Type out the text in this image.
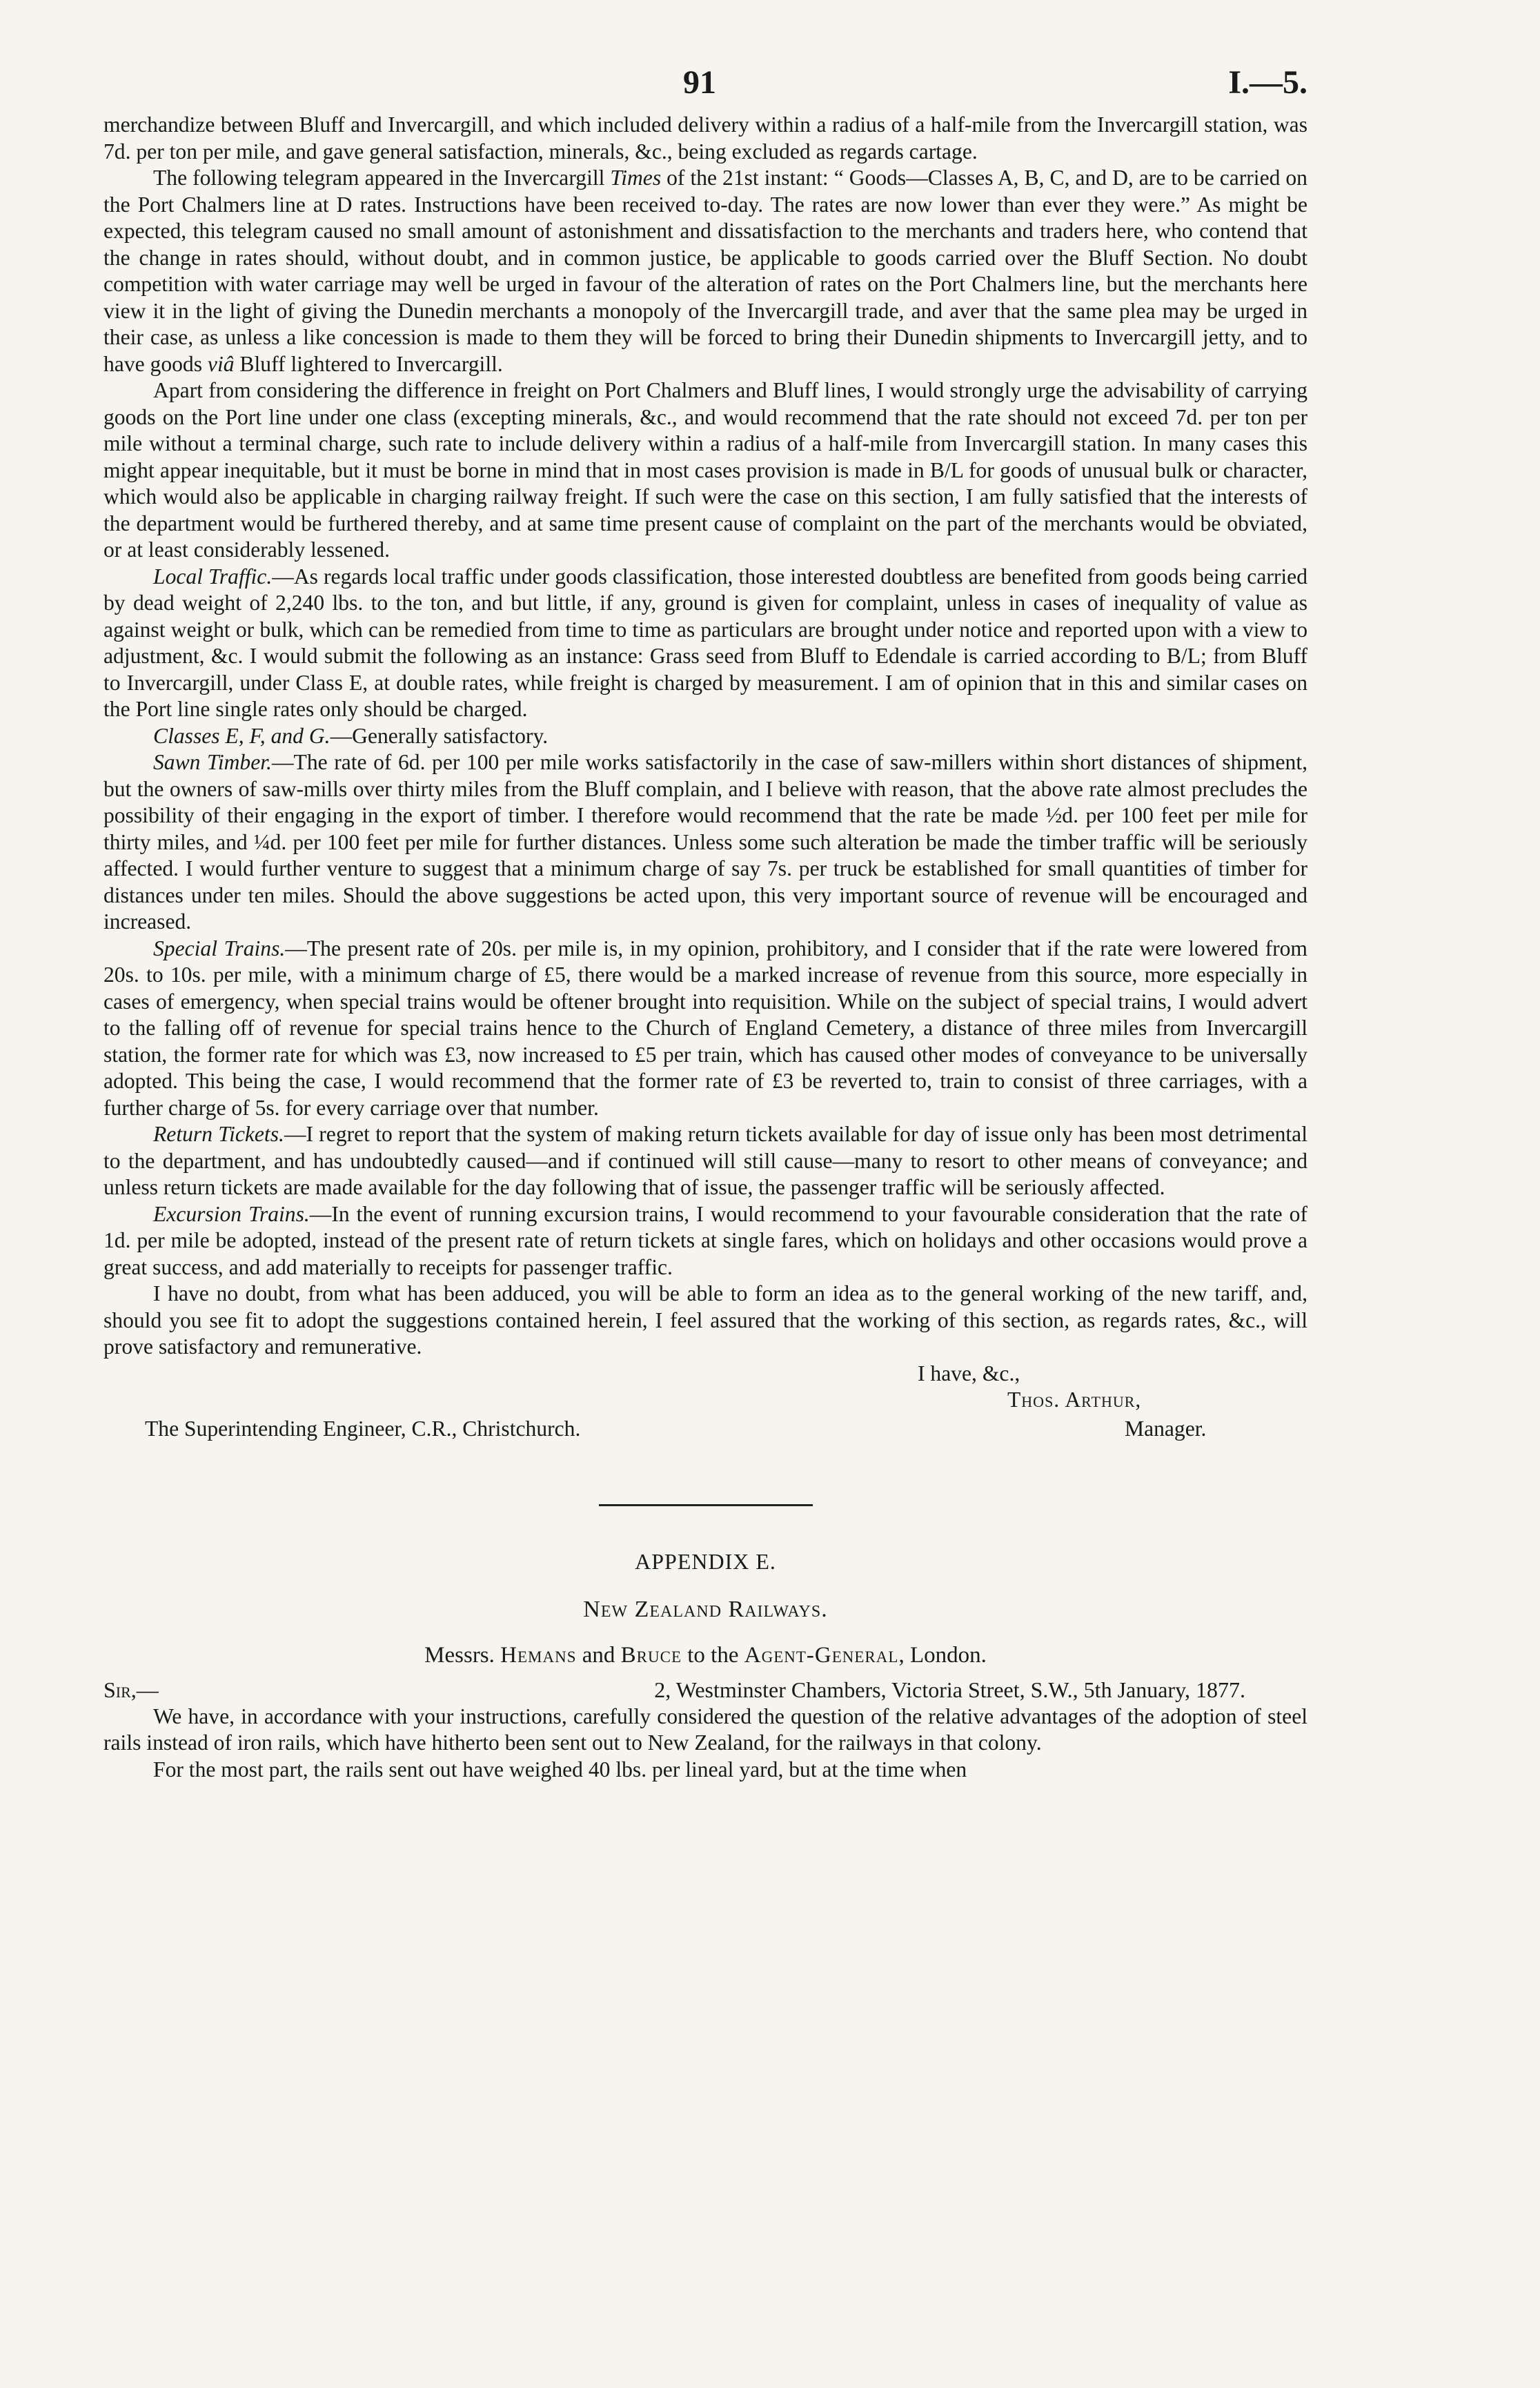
91	I.—5.

merchandize between Bluff and Invercargill, and which included delivery within a radius of a half-mile from the Invercargill station, was 7d. per ton per mile, and gave general satisfaction, minerals, &c., being excluded as regards cartage.

The following telegram appeared in the Invercargill Times of the 21st instant: “ Goods—Classes A, B, C, and D, are to be carried on the Port Chalmers line at D rates. Instructions have been received to-day. The rates are now lower than ever they were.” As might be expected, this telegram caused no small amount of astonishment and dissatisfaction to the merchants and traders here, who contend that the change in rates should, without doubt, and in common justice, be applicable to goods carried over the Bluff Section. No doubt competition with water carriage may well be urged in favour of the alteration of rates on the Port Chalmers line, but the merchants here view it in the light of giving the Dunedin merchants a monopoly of the Invercargill trade, and aver that the same plea may be urged in their case, as unless a like concession is made to them they will be forced to bring their Dunedin shipments to Invercargill jetty, and to have goods viâ Bluff lightered to Invercargill.

Apart from considering the difference in freight on Port Chalmers and Bluff lines, I would strongly urge the advisability of carrying goods on the Port line under one class (excepting minerals, &c., and would recommend that the rate should not exceed 7d. per ton per mile without a terminal charge, such rate to include delivery within a radius of a half-mile from Invercargill station. In many cases this might appear inequitable, but it must be borne in mind that in most cases provision is made in B/L for goods of unusual bulk or character, which would also be applicable in charging railway freight. If such were the case on this section, I am fully satisfied that the interests of the department would be furthered thereby, and at same time present cause of complaint on the part of the merchants would be obviated, or at least considerably lessened.

Local Traffic.—As regards local traffic under goods classification, those interested doubtless are benefited from goods being carried by dead weight of 2,240 lbs. to the ton, and but little, if any, ground is given for complaint, unless in cases of inequality of value as against weight or bulk, which can be remedied from time to time as particulars are brought under notice and reported upon with a view to adjustment, &c. I would submit the following as an instance: Grass seed from Bluff to Edendale is carried according to B/L; from Bluff to Invercargill, under Class E, at double rates, while freight is charged by measurement. I am of opinion that in this and similar cases on the Port line single rates only should be charged.

Classes E, F, and G.—Generally satisfactory.

Sawn Timber.—The rate of 6d. per 100 per mile works satisfactorily in the case of saw-millers within short distances of shipment, but the owners of saw-mills over thirty miles from the Bluff complain, and I believe with reason, that the above rate almost precludes the possibility of their engaging in the export of timber. I therefore would recommend that the rate be made ½d. per 100 feet per mile for thirty miles, and ¼d. per 100 feet per mile for further distances. Unless some such alteration be made the timber traffic will be seriously affected. I would further venture to suggest that a minimum charge of say 7s. per truck be established for small quantities of timber for distances under ten miles. Should the above suggestions be acted upon, this very important source of revenue will be encouraged and increased.

Special Trains.—The present rate of 20s. per mile is, in my opinion, prohibitory, and I consider that if the rate were lowered from 20s. to 10s. per mile, with a minimum charge of £5, there would be a marked increase of revenue from this source, more especially in cases of emergency, when special trains would be oftener brought into requisition. While on the subject of special trains, I would advert to the falling off of revenue for special trains hence to the Church of England Cemetery, a distance of three miles from Invercargill station, the former rate for which was £3, now increased to £5 per train, which has caused other modes of conveyance to be universally adopted. This being the case, I would recommend that the former rate of £3 be reverted to, train to consist of three carriages, with a further charge of 5s. for every carriage over that number.

Return Tickets.—I regret to report that the system of making return tickets available for day of issue only has been most detrimental to the department, and has undoubtedly caused—and if continued will still cause—many to resort to other means of conveyance; and unless return tickets are made available for the day following that of issue, the passenger traffic will be seriously affected.

Excursion Trains.—In the event of running excursion trains, I would recommend to your favourable consideration that the rate of 1d. per mile be adopted, instead of the present rate of return tickets at single fares, which on holidays and other occasions would prove a great success, and add materially to receipts for passenger traffic.

I have no doubt, from what has been adduced, you will be able to form an idea as to the general working of the new tariff, and, should you see fit to adopt the suggestions contained herein, I feel assured that the working of this section, as regards rates, &c., will prove satisfactory and remunerative.

I have, &c.,
Thos. Arthur,
The Superintending Engineer, C.R., Christchurch.	Manager.
APPENDIX E.
New Zealand Railways.
Messrs. Hemans and Bruce to the Agent-General, London.
Sir,—	2, Westminster Chambers, Victoria Street, S.W., 5th January, 1877.

We have, in accordance with your instructions, carefully considered the question of the relative advantages of the adoption of steel rails instead of iron rails, which have hitherto been sent out to New Zealand, for the railways in that colony.

For the most part, the rails sent out have weighed 40 lbs. per lineal yard, but at the time when
